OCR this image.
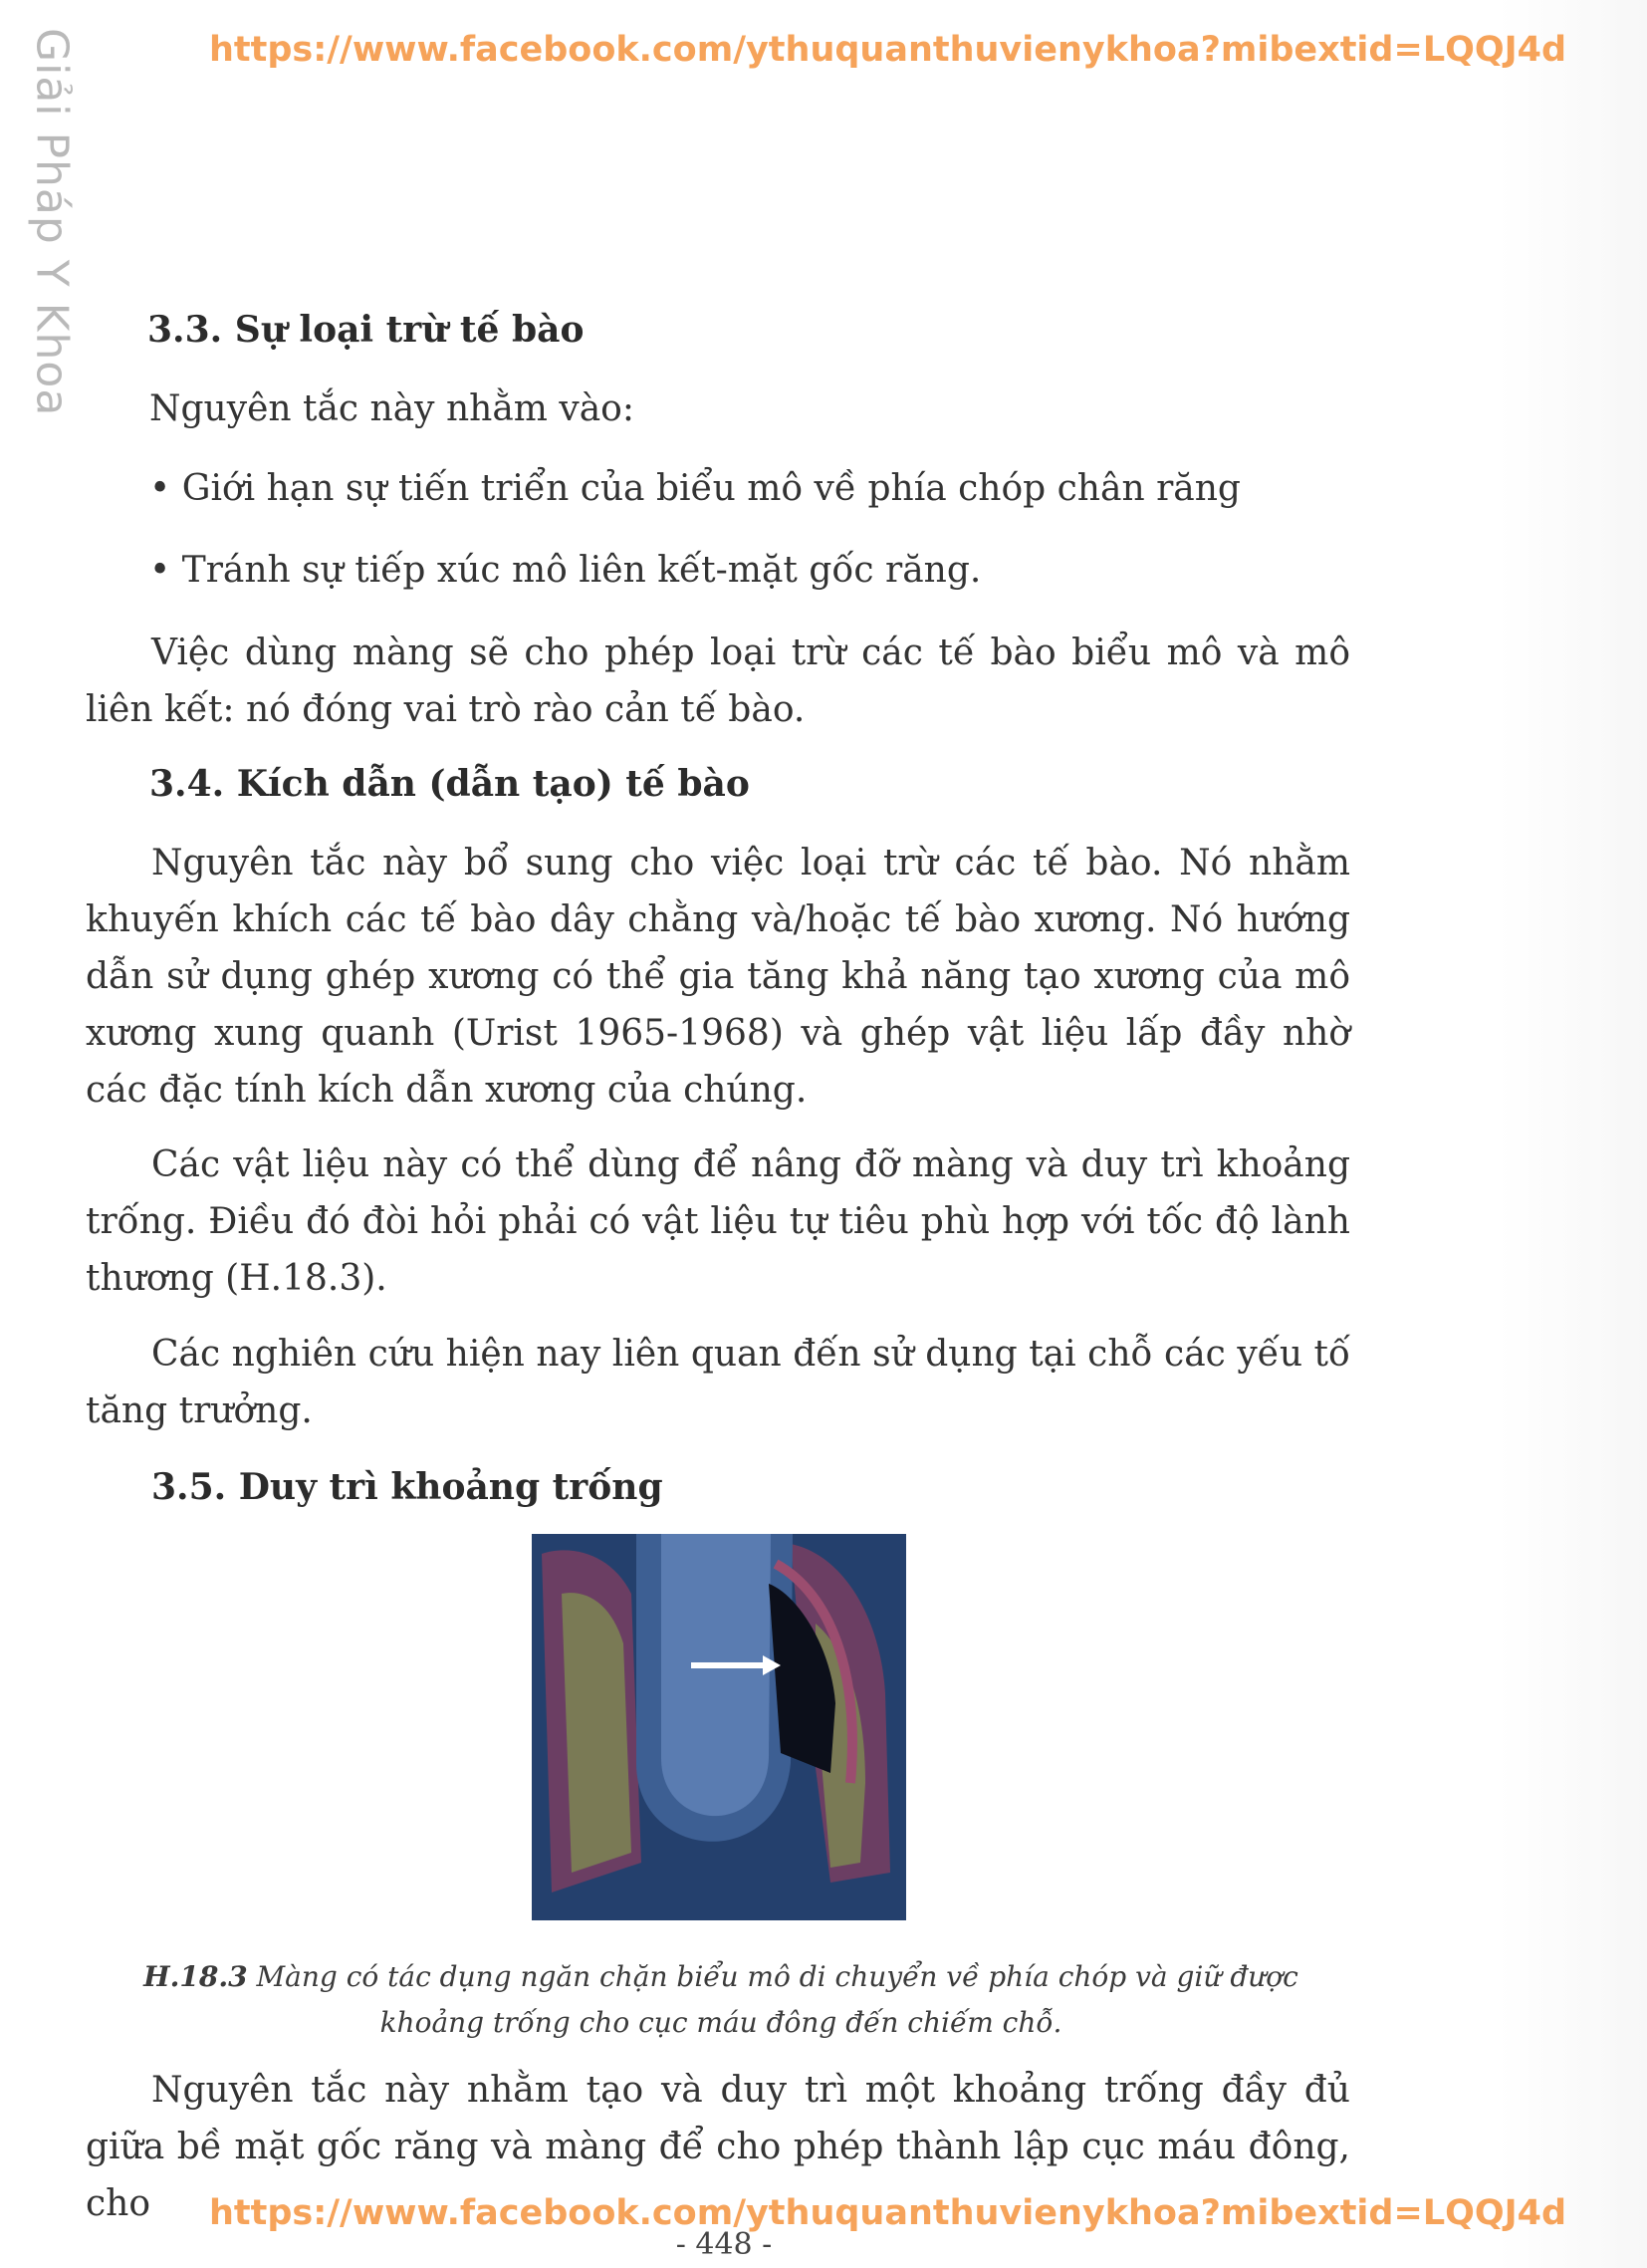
Giải Pháp Y Khoa	https://www.facebook.com/ythuquanthuvienykhoa?mibextid=LQQJ4d
3.3. Sự loại trừ tế bào
Nguyên tắc này nhằm vào:
• Giới hạn sự tiến triển của biểu mô về phía chóp chân răng
• Tránh sự tiếp xúc mô liên kết-mặt gốc răng.
Việc dùng màng sẽ cho phép loại trừ các tế bào biểu mô và mô liên kết: nó đóng vai trò rào cản tế bào.
3.4. Kích dẫn (dẫn tạo) tế bào
Nguyên tắc này bổ sung cho việc loại trừ các tế bào. Nó nhằm khuyến khích các tế bào dây chằng và/hoặc tế bào xương. Nó hướng dẫn sử dụng ghép xương có thể gia tăng khả năng tạo xương của mô xương xung quanh (Urist 1965-1968) và ghép vật liệu lấp đầy nhờ các đặc tính kích dẫn xương của chúng.
Các vật liệu này có thể dùng để nâng đỡ màng và duy trì khoảng trống. Điều đó đòi hỏi phải có vật liệu tự tiêu phù hợp với tốc độ lành thương (H.18.3).
Các nghiên cứu hiện nay liên quan đến sử dụng tại chỗ các yếu tố tăng trưởng.
3.5. Duy trì khoảng trống
H.18.3 Màng có tác dụng ngăn chặn biểu mô di chuyển về phía chóp và giữ được khoảng trống cho cục máu đông đến chiếm chỗ.
Nguyên tắc này nhằm tạo và duy trì một khoảng trống đầy đủ giữa bề mặt gốc răng và màng để cho phép thành lập cục máu đông, cho	https://www.facebook.com/ythuquanthuvienykhoa?mibextid=LQQJ4d
- 448 -
